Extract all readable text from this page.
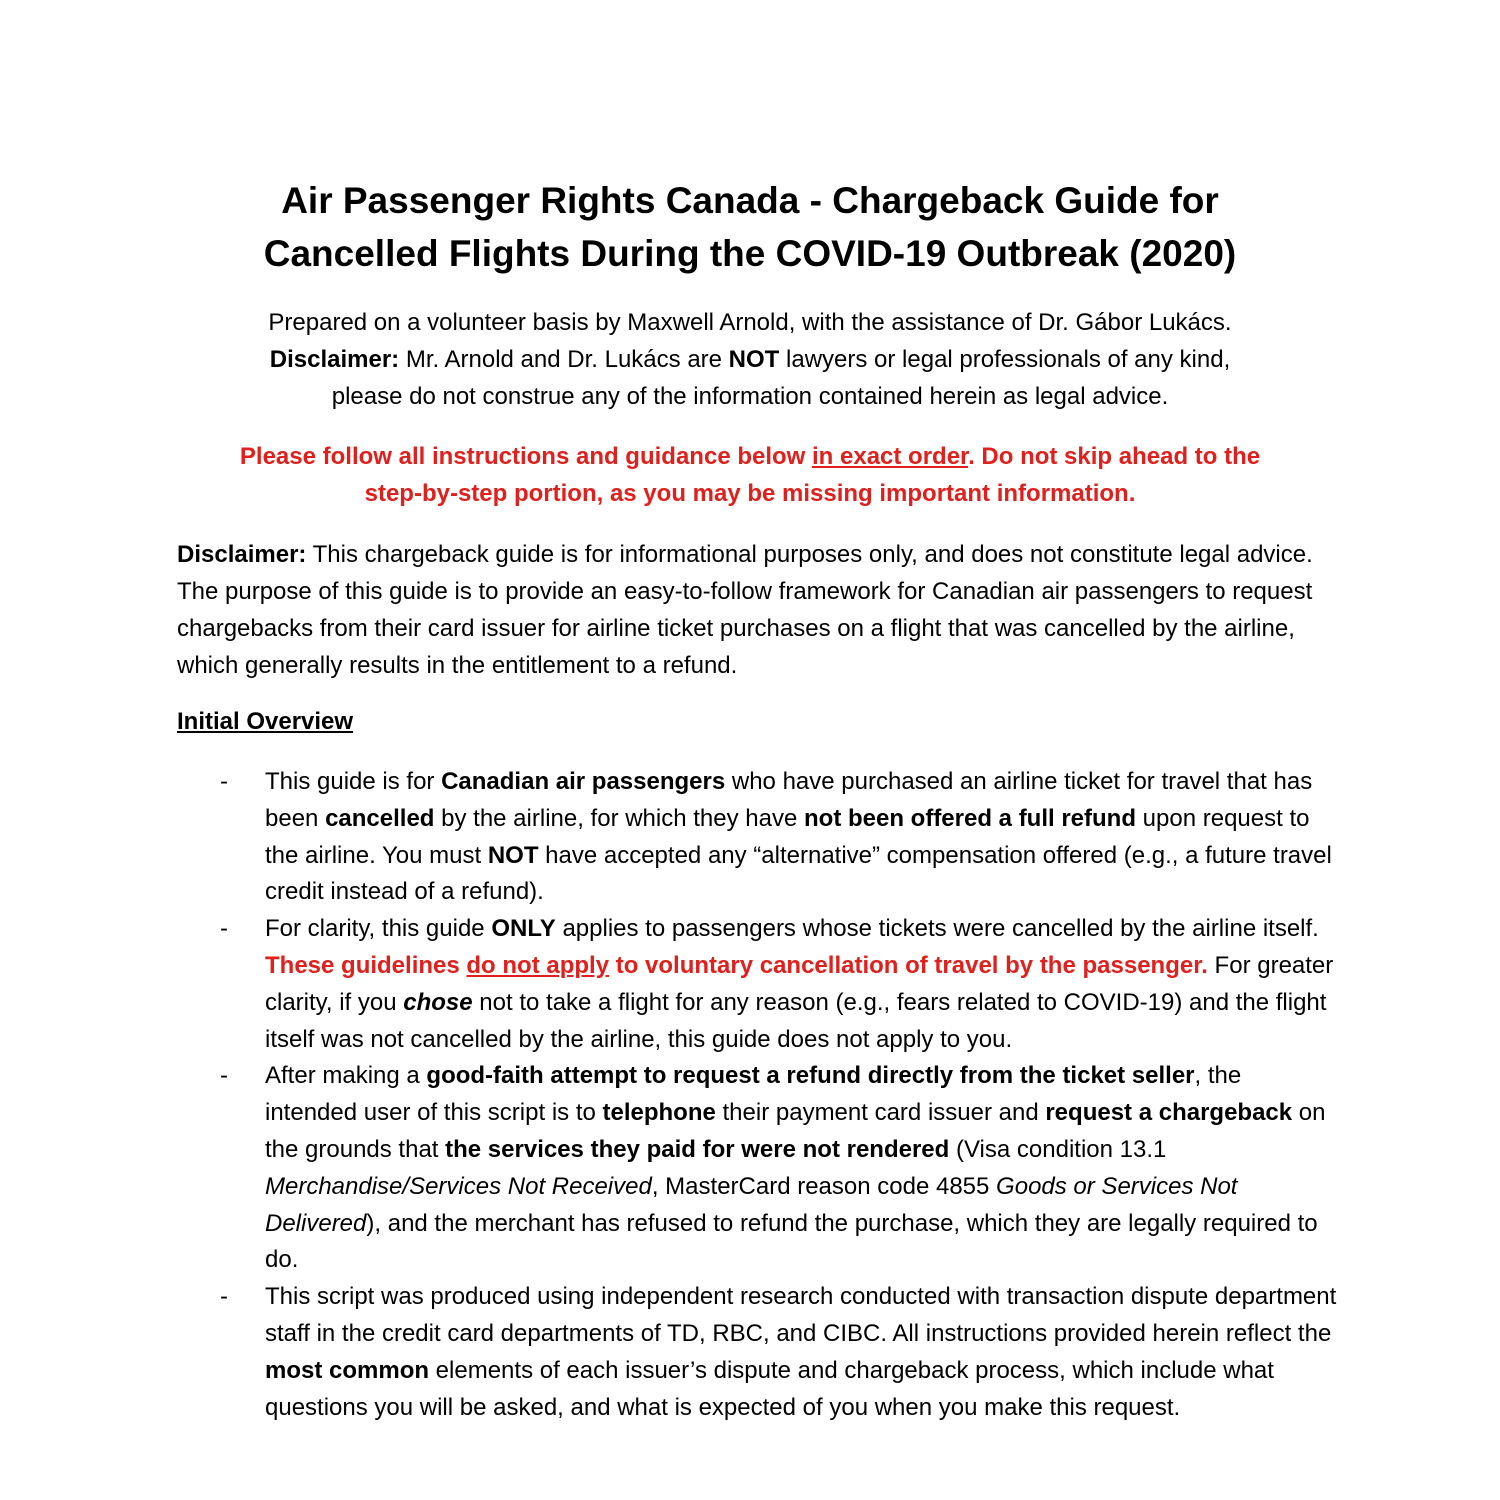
Air Passenger Rights Canada - Chargeback Guide for
Cancelled Flights During the COVID-19 Outbreak (2020)

Prepared on a volunteer basis by Maxwell Arnold, with the assistance of Dr. Gábor Lukács.
Disclaimer: Mr. Arnold and Dr. Lukács are NOT lawyers or legal professionals of any kind,
please do not construe any of the information contained herein as legal advice.

Please follow all instructions and guidance below in exact order. Do not skip ahead to the
step-by-step portion, as you may be missing important information.

Disclaimer: This chargeback guide is for informational purposes only, and does not constitute legal advice. The purpose of this guide is to provide an easy-to-follow framework for Canadian air passengers to request chargebacks from their card issuer for airline ticket purchases on a flight that was cancelled by the airline, which generally results in the entitlement to a refund.

Initial Overview
- This guide is for Canadian air passengers who have purchased an airline ticket for travel that has been cancelled by the airline, for which they have not been offered a full refund upon request to the airline. You must NOT have accepted any “alternative” compensation offered (e.g., a future travel credit instead of a refund).
- For clarity, this guide ONLY applies to passengers whose tickets were cancelled by the airline itself. These guidelines do not apply to voluntary cancellation of travel by the passenger. For greater clarity, if you chose not to take a flight for any reason (e.g., fears related to COVID-19) and the flight itself was not cancelled by the airline, this guide does not apply to you.
- After making a good-faith attempt to request a refund directly from the ticket seller, the intended user of this script is to telephone their payment card issuer and request a chargeback on the grounds that the services they paid for were not rendered (Visa condition 13.1 Merchandise/Services Not Received, MasterCard reason code 4855 Goods or Services Not Delivered), and the merchant has refused to refund the purchase, which they are legally required to do.
- This script was produced using independent research conducted with transaction dispute department staff in the credit card departments of TD, RBC, and CIBC. All instructions provided herein reflect the most common elements of each issuer’s dispute and chargeback process, which include what questions you will be asked, and what is expected of you when you make this request.
